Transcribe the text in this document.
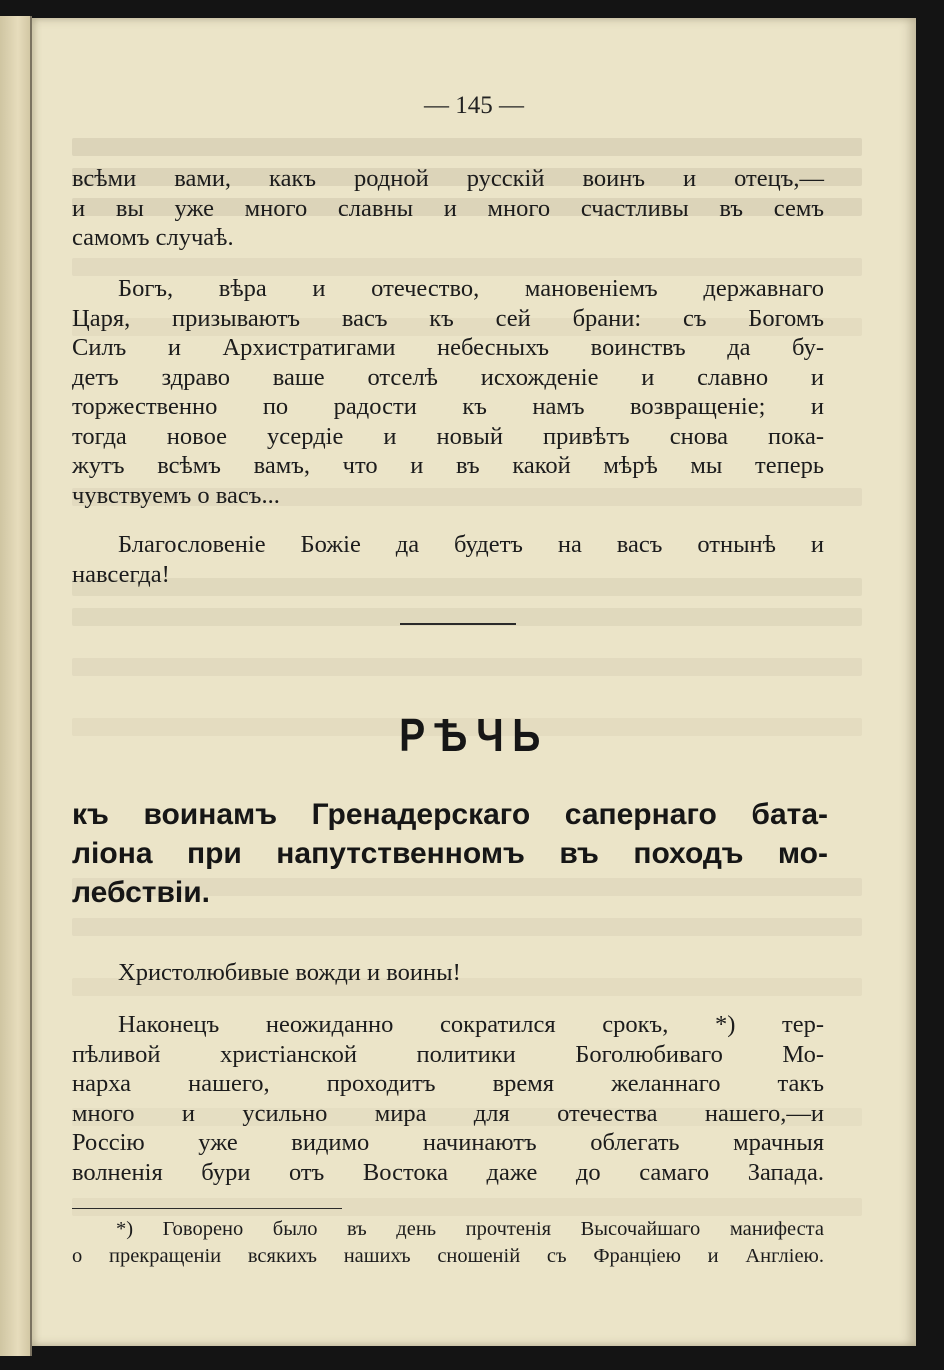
— 145 —
всѣми вами, какъ родной русскій воинъ и отецъ,—
и вы уже много славны и много счастливы въ семъ
самомъ случаѣ.
Богъ, вѣра и отечество, мановеніемъ державнаго
Царя, призываютъ васъ къ сей брани: съ Богомъ
Силъ и Архистратигами небесныхъ воинствъ да бу-
детъ здраво ваше отселѣ исхожденіе и славно и
торжественно по радости къ намъ возвращеніе; и
тогда новое усердіе и новый привѣтъ снова пока-
жутъ всѣмъ вамъ, что и въ какой мѣрѣ мы теперь
чувствуемъ о васъ...
Благословеніе Божіе да будетъ на васъ отнынѣ и
навсегда!
РѢЧЬ
къ воинамъ Гренадерскаго сапернаго бата-
ліона при напутственномъ въ походъ мо-
лебствіи.
Христолюбивые вожди и воины!
Наконецъ неожиданно сократился срокъ, *) тер-
пѣливой христіанской политики Боголюбиваго Мо-
нарха нашего, проходитъ время желаннаго такъ
много и усильно мира для отечества нашего,—и
Россію уже видимо начинаютъ облегать мрачныя
волненія бури отъ Востока даже до самаго Запада.
*) Говорено было въ день прочтенія Высочайшаго манифеста
о прекращеніи всякихъ нашихъ сношеній съ Франціею и Англіею.
